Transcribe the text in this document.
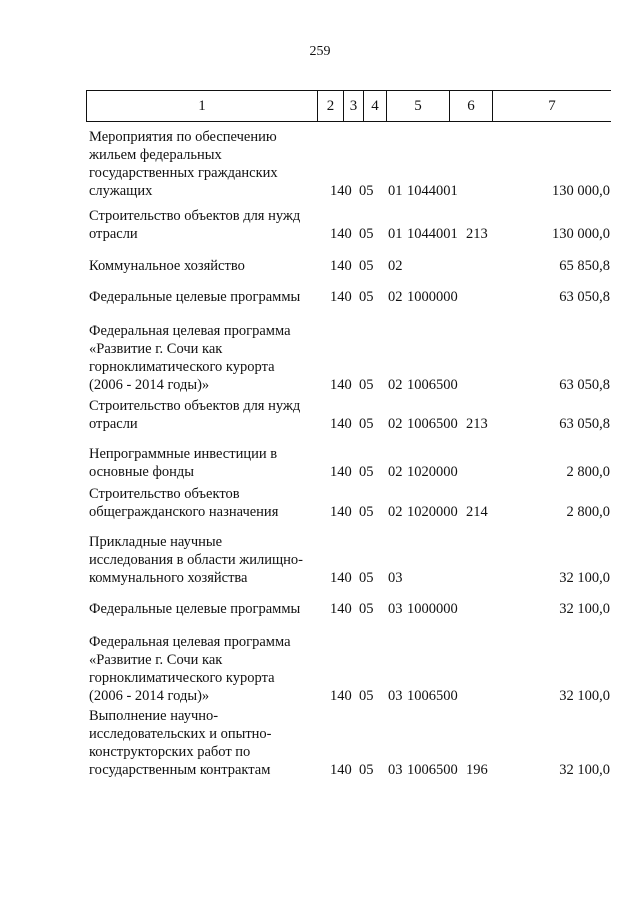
259
1	2	3 4	5	6	7
Мероприятия по обеспечению
жильем федеральных
государственных гражданских
служащих	140 05 01 1044001	130 000,0
Строительство объектов для нужд
отрасли	140 05 01 1044001 213	130 000,0
Коммунальное хозяйство	140 05 02	65 850,8
Федеральные целевые программы	140 05 02 1000000	63 050,8
Федеральная целевая программа
«Развитие г. Сочи как
горноклиматического курорта
(2006 - 2014 годы)»	140 05 02 1006500	63 050,8
Строительство объектов для нужд
отрасли	140 05 02 1006500 213	63 050,8
Непрограммные инвестиции в
основные фонды	140 05 02 1020000	2 800,0
Строительство объектов
общегражданского назначения	140 05 02 1020000 214	2 800,0
Прикладные научные
исследования в области жилищно-
коммунального хозяйства	140 05 03	32 100,0
Федеральные целевые программы	140 05 03 1000000	32 100,0
Федеральная целевая программа
«Развитие г. Сочи как
горноклиматического курорта
(2006 - 2014 годы)»	140 05 03 1006500	32 100,0
Выполнение научно-
исследовательских и опытно-
конструкторских работ по
государственным контрактам	140 05 03 1006500 196	32 100,0
